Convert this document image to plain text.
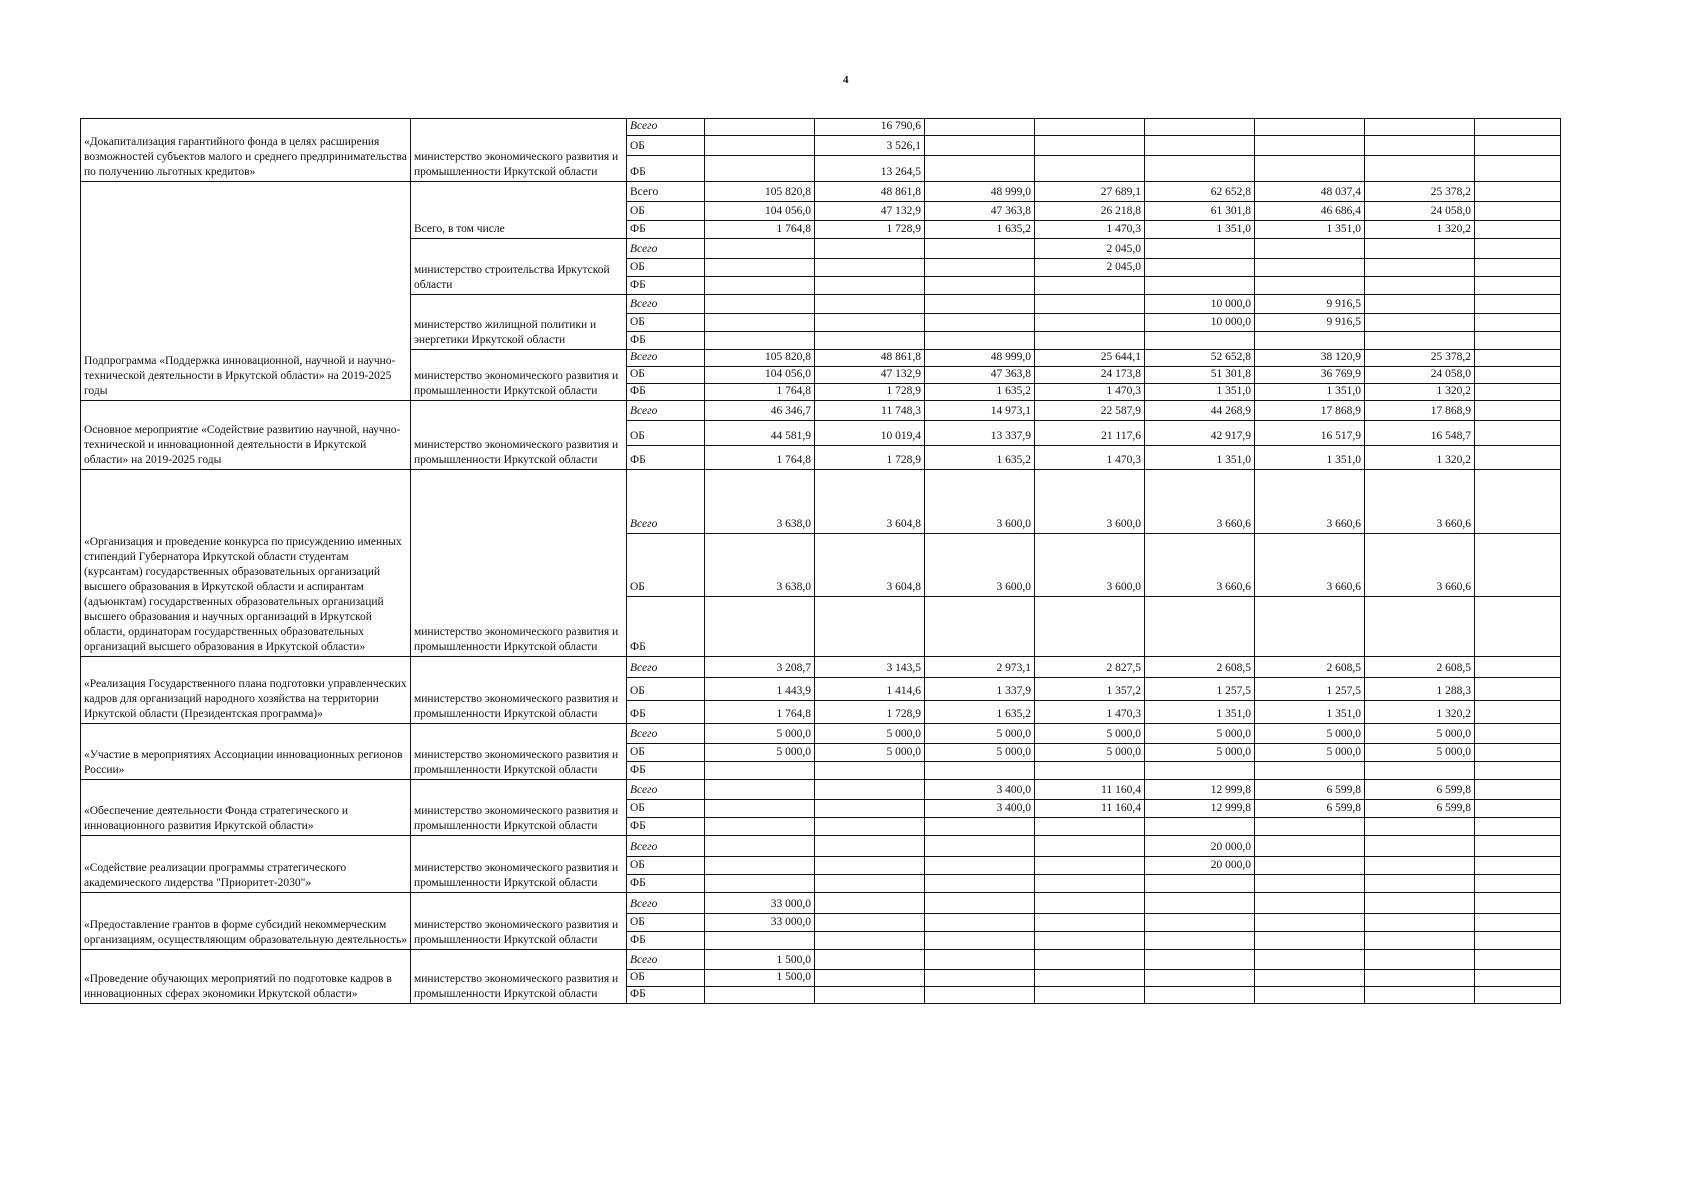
4
«Докапитализация гарантийного фонда в целях расширения возможностей субъектов малого и среднего предпринимательства по получению льготных кредитов»	министерство экономического развития и промышленности Иркутской области	Всего		16 790,6						
		ОБ		3 526,1						
		ФБ		13 264,5						
Подпрограмма «Поддержка инновационной, научной и научно-технической деятельности в Иркутской области» на 2019-2025 годы	Всего, в том числе	Всего	105 820,8	48 861,8	48 999,0	27 689,1	62 652,8	48 037,4	25 378,2	
		ОБ	104 056,0	47 132,9	47 363,8	26 218,8	61 301,8	46 686,4	24 058,0	
		ФБ	1 764,8	1 728,9	1 635,2	1 470,3	1 351,0	1 351,0	1 320,2	
	министерство строительства Иркутской области	Всего				2 045,0				
		ОБ				2 045,0				
		ФБ								
	министерство жилищной политики и энергетики Иркутской области	Всего					10 000,0	9 916,5		
		ОБ					10 000,0	9 916,5		
		ФБ								
	министерство экономического развития и промышленности Иркутской области	Всего	105 820,8	48 861,8	48 999,0	25 644,1	52 652,8	38 120,9	25 378,2	
		ОБ	104 056,0	47 132,9	47 363,8	24 173,8	51 301,8	36 769,9	24 058,0	
		ФБ	1 764,8	1 728,9	1 635,2	1 470,3	1 351,0	1 351,0	1 320,2	
Основное мероприятие «Содействие развитию научной, научно-технической и инновационной деятельности в Иркутской области» на 2019-2025 годы	министерство экономического развития и промышленности Иркутской области	Всего	46 346,7	11 748,3	14 973,1	22 587,9	44 268,9	17 868,9	17 868,9	
		ОБ	44 581,9	10 019,4	13 337,9	21 117,6	42 917,9	16 517,9	16 548,7	
		ФБ	1 764,8	1 728,9	1 635,2	1 470,3	1 351,0	1 351,0	1 320,2	
«Организация и проведение конкурса по присуждению именных стипендий Губернатора Иркутской области студентам (курсантам) государственных образовательных организаций высшего образования в Иркутской области и аспирантам (адъюнктам) государственных образовательных организаций высшего образования и научных организаций в Иркутской области, ординаторам государственных образовательных организаций высшего образования в Иркутской области»	министерство экономического развития и промышленности Иркутской области	Всего	3 638,0	3 604,8	3 600,0	3 600,0	3 660,6	3 660,6	3 660,6	
		ОБ	3 638,0	3 604,8	3 600,0	3 600,0	3 660,6	3 660,6	3 660,6	
		ФБ								
«Реализация Государственного плана подготовки управленческих кадров для организаций народного хозяйства на территории Иркутской области (Президентская программа)»	министерство экономического развития и промышленности Иркутской области	Всего	3 208,7	3 143,5	2 973,1	2 827,5	2 608,5	2 608,5	2 608,5	
		ОБ	1 443,9	1 414,6	1 337,9	1 357,2	1 257,5	1 257,5	1 288,3	
		ФБ	1 764,8	1 728,9	1 635,2	1 470,3	1 351,0	1 351,0	1 320,2	
«Участие в мероприятиях Ассоциации инновационных регионов России»	министерство экономического развития и промышленности Иркутской области	Всего	5 000,0	5 000,0	5 000,0	5 000,0	5 000,0	5 000,0	5 000,0	
		ОБ	5 000,0	5 000,0	5 000,0	5 000,0	5 000,0	5 000,0	5 000,0	
		ФБ								
«Обеспечение деятельности Фонда стратегического и инновационного развития Иркутской области»	министерство экономического развития и промышленности Иркутской области	Всего			3 400,0	11 160,4	12 999,8	6 599,8	6 599,8	
		ОБ			3 400,0	11 160,4	12 999,8	6 599,8	6 599,8	
		ФБ								
«Содействие реализации программы стратегического академического лидерства "Приоритет-2030"»	министерство экономического развития и промышленности Иркутской области	Всего					20 000,0			
		ОБ					20 000,0			
		ФБ								
«Предоставление грантов в форме субсидий некоммерческим организациям, осуществляющим образовательную деятельность»	министерство экономического развития и промышленности Иркутской области	Всего	33 000,0							
		ОБ	33 000,0							
		ФБ								
«Проведение обучающих мероприятий по подготовке кадров в инновационных сферах экономики Иркутской области»	министерство экономического развития и промышленности Иркутской области	Всего	1 500,0							
		ОБ	1 500,0							
		ФБ								
